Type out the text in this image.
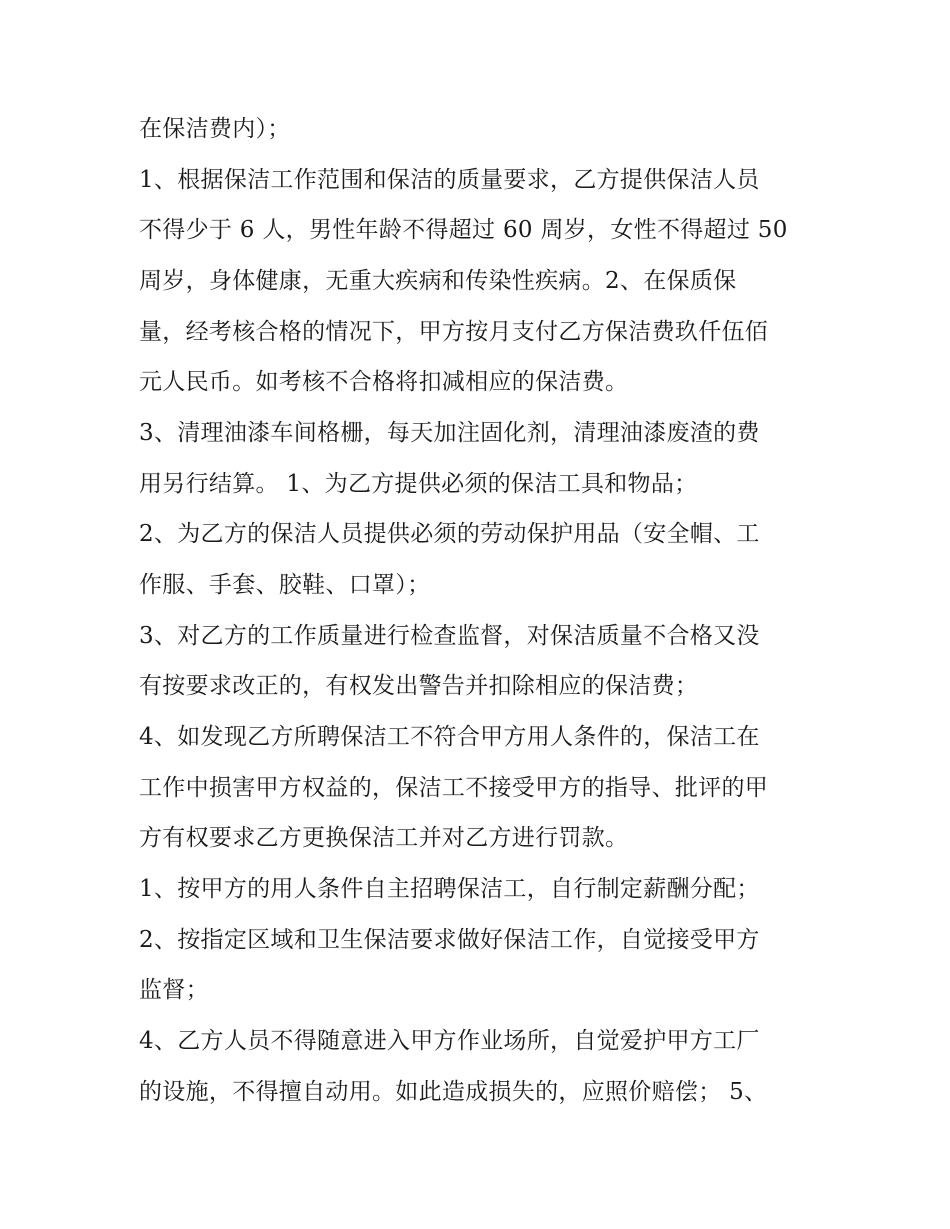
在保洁费内）；
1、根据保洁工作范围和保洁的质量要求，乙方提供保洁人员
不得少于 6 人，男性年龄不得超过 60 周岁，女性不得超过 50
周岁，身体健康，无重大疾病和传染性疾病。2、在保质保
量，经考核合格的情况下，甲方按月支付乙方保洁费玖仟伍佰
元人民币。如考核不合格将扣减相应的保洁费。
3、清理油漆车间格栅，每天加注固化剂，清理油漆废渣的费
用另行结算。 1、为乙方提供必须的保洁工具和物品；
2、为乙方的保洁人员提供必须的劳动保护用品（安全帽、工
作服、手套、胶鞋、口罩）；
3、对乙方的工作质量进行检查监督，对保洁质量不合格又没
有按要求改正的，有权发出警告并扣除相应的保洁费；
4、如发现乙方所聘保洁工不符合甲方用人条件的，保洁工在
工作中损害甲方权益的，保洁工不接受甲方的指导、批评的甲
方有权要求乙方更换保洁工并对乙方进行罚款。
1、按甲方的用人条件自主招聘保洁工，自行制定薪酬分配；
2、按指定区域和卫生保洁要求做好保洁工作，自觉接受甲方
监督；
4、乙方人员不得随意进入甲方作业场所，自觉爱护甲方工厂
的设施，不得擅自动用。如此造成损失的，应照价赔偿； 5、
